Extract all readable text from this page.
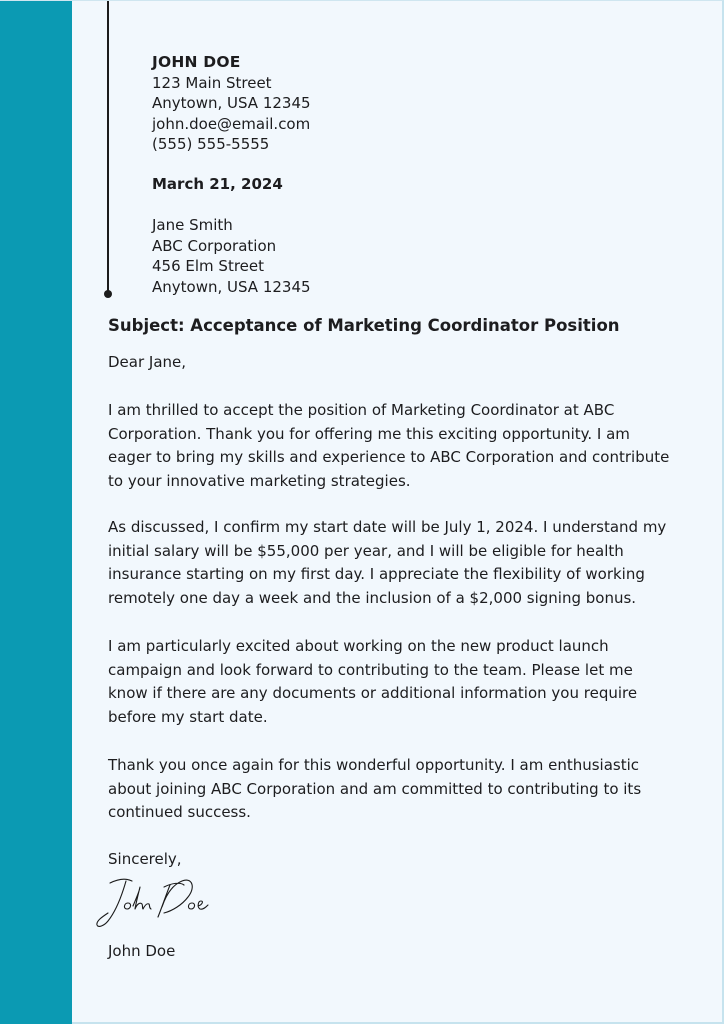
JOHN DOE
123 Main Street
Anytown, USA 12345
john.doe@email.com
(555) 555-5555
March 21, 2024
Jane Smith
ABC Corporation
456 Elm Street
Anytown, USA 12345
Subject: Acceptance of Marketing Coordinator Position
Dear Jane,
I am thrilled to accept the position of Marketing Coordinator at ABC
Corporation. Thank you for offering me this exciting opportunity. I am
eager to bring my skills and experience to ABC Corporation and contribute
to your innovative marketing strategies.
As discussed, I confirm my start date will be July 1, 2024. I understand my
initial salary will be $55,000 per year, and I will be eligible for health
insurance starting on my first day. I appreciate the flexibility of working
remotely one day a week and the inclusion of a $2,000 signing bonus.
I am particularly excited about working on the new product launch
campaign and look forward to contributing to the team. Please let me
know if there are any documents or additional information you require
before my start date.
Thank you once again for this wonderful opportunity. I am enthusiastic
about joining ABC Corporation and am committed to contributing to its
continued success.
Sincerely,
John Doe
